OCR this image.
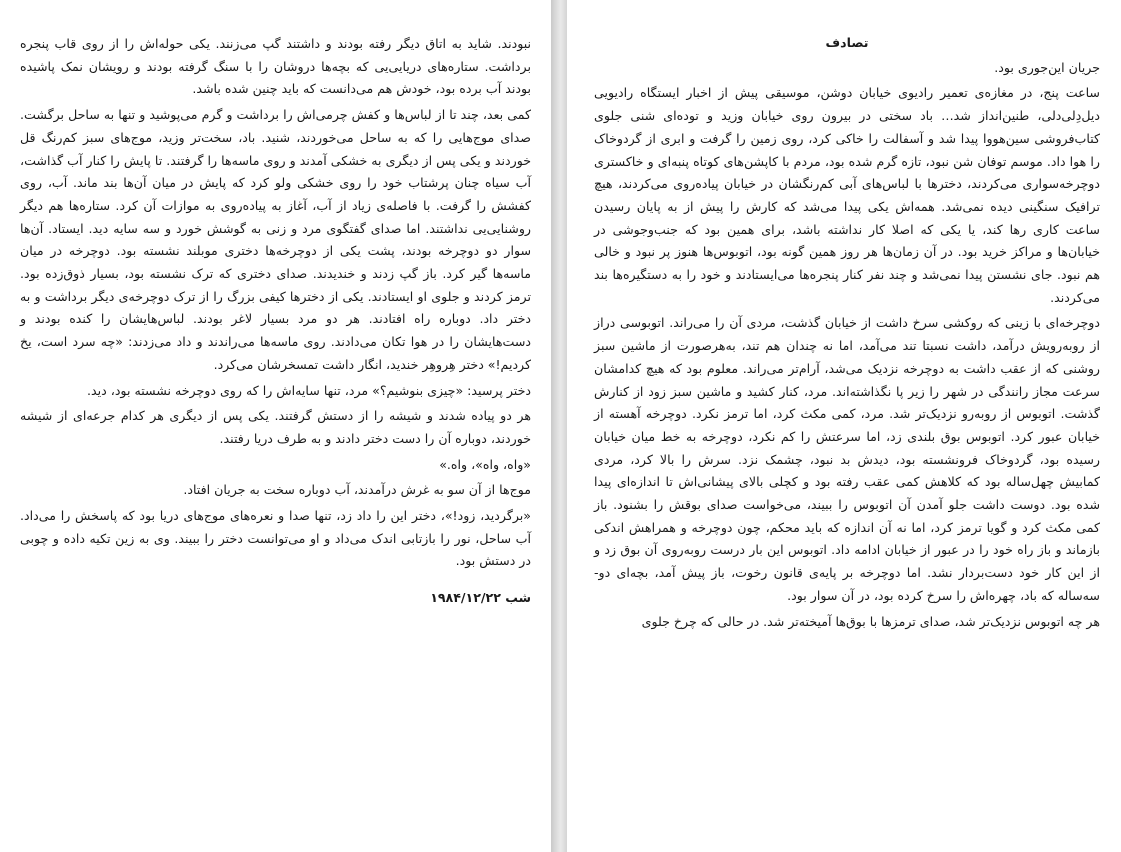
نبودند. شاید به اتاق دیگر رفته بودند و داشتند گپ می‌زنند. یکی حوله‌اش را از روی قاب پنجره برداشت. ستاره‌های دریایی‌یی که بچه‌ها دروشان را با سنگ گرفته بودند و رویشان نمک پاشیده بودند آب برده بود، خودش هم می‌دانست که باید چنین شده باشد.

کمی بعد، چند تا از لباس‌ها و کفش چرمی‌اش را برداشت و گرم می‌پوشید و تنها به ساحل برگشت. صدای موج‌هایی را که به ساحل می‌خوردند، شنید. باد، سخت‌تر وزید، موج‌های سبز کم‌رنگ قل خوردند و یکی پس از دیگری به خشکی آمدند و روی ماسه‌ها را گرفتند. تا پایش را کنار آب گذاشت، آب سیاه چنان پرشتاب خود را روی خشکی ولو کرد که پایش در میان آن‌ها بند ماند. آب، روی کفشش را گرفت. با فاصله‌ی زیاد از آب، آغاز به پیاده‌روی به موازات آن کرد. ستاره‌ها هم دیگر روشنایی‌یی نداشتند. اما صدای گفتگوی مرد و زنی به گوشش خورد و سه سایه دید. ایستاد. آن‌ها سوار دو دوچرخه بودند، پشت یکی از دوچرخه‌ها دختری موبلند نشسته بود. دوچرخه در میان ماسه‌ها گیر کرد. باز گپ زدند و خندیدند. صدای دختری که ترک نشسته بود، بسیار ذوق‌زده بود. ترمز کردند و جلوی او ایستادند. یکی از دخترها کیفی بزرگ را از ترک دوچرخه‌ی دیگر برداشت و به دختر داد. دوباره راه افتادند. هر دو مرد بسیار لاغر بودند. لباس‌هایشان را کنده بودند و دست‌هایشان را در هوا تکان می‌دادند. روی ماسه‌ها می‌راندند و داد می‌زدند: «چه سرد است، یخ کردیم!» دختر هِروهِر خندید، انگار داشت تمسخرشان می‌کرد.

دختر پرسید: «چیزی بنوشیم؟» مرد، تنها سایه‌اش را که روی دوچرخه نشسته بود، دید.

هر دو پیاده شدند و شیشه را از دستش گرفتند. یکی پس از دیگری هر کدام جرعه‌ای از شیشه خوردند، دوباره آن را دست دختر دادند و به طرف دریا رفتند.

«واه، واه»، واه.»

موج‌ها از آن سو به غرش درآمدند، آب دوباره سخت به جریان افتاد.

«برگردید، زود!»، دختر این را داد زد، تنها صدا و نعره‌های موج‌های دریا بود که پاسخش را می‌داد. آب ساحل، نور را بازتابی اندک می‌داد و او می‌توانست دختر را ببیند. وی به زین تکیه داده و چوبی در دستش بود.

شب ۱۹۸۴/۱۲/۲۲

تصادف

جریان این‌جوری بود.

ساعت پنج، در مغازه‌ی تعمیر رادیوی خیابان دوشن، موسیقی پیش از اخبار ایستگاه رادیویی دیل‌دِلی‌دلی، طنین‌انداز شد… باد سختی در بیرون روی خیابان وزید و توده‌ای شنی جلوی کتاب‌فروشی سین‌هووا پیدا شد و آسفالت را خاکی کرد، روی زمین را گرفت و ابری از گردوخاک را هوا داد. موسم توفان شن نبود، تازه گرم شده بود، مردم با کاپشن‌های کوتاه پنبه‌ای و خاکستری دوچرخه‌سواری می‌کردند، دخترها با لباس‌های آبی کم‌رنگشان در خیابان پیاده‌روی می‌کردند، هیچ ترافیک سنگینی دیده نمی‌شد. همه‌اش یکی پیدا می‌شد که کارش را پیش از به پایان رسیدن ساعت کاری رها کند، یا یکی که اصلا کار نداشته باشد، برای همین بود که جنب‌وجوشی در خیابان‌ها و مراکز خرید بود. در آن زمان‌ها هر روز همین گونه بود، اتوبوس‌ها هنوز پر نبود و خالی هم نبود. جای نشستن پیدا نمی‌شد و چند نفر کنار پنجره‌ها می‌ایستادند و خود را به دستگیره‌ها بند می‌کردند.

دوچرخه‌ای با زینی که روکشی سرخ داشت از خیابان گذشت، مردی آن را می‌راند. اتوبوسی دراز از روبه‌رویش درآمد، داشت نسبتا تند می‌آمد، اما نه چندان هم تند، به‌هرصورت از ماشین سبز روشنی که از عقب داشت به دوچرخه نزدیک می‌شد، آرام‌تر می‌راند. معلوم بود که هیچ کدامشان سرعت مجاز رانندگی در شهر را زیر پا نگذاشته‌اند. مرد، کنار کشید و ماشین سبز زود از کنارش گذشت. اتوبوس از روبه‌رو نزدیک‌تر شد. مرد، کمی مکث کرد، اما ترمز نکرد. دوچرخه آهسته از خیابان عبور کرد. اتوبوس بوق بلندی زد، اما سرعتش را کم نکرد، دوچرخه به خط میان خیابان رسیده بود، گردوخاک فرونشسته بود، دیدش بد نبود، چشمک نزد. سرش را بالا کرد، مردی کمابیش چهل‌ساله بود که کلاهش کمی عقب رفته بود و کچلی بالای پیشانی‌اش تا اندازه‌ای پیدا شده بود. دوست داشت جلو آمدن آن اتوبوس را ببیند، می‌خواست صدای بوقش را بشنود. باز کمی مکث کرد و گویا ترمز کرد، اما نه آن اندازه که باید محکم، چون دوچرخه و همراهش اندکی بازماند و باز راه خود را در عبور از خیابان ادامه داد. اتوبوس این بار درست روبه‌روی آن بوق زد و از این کار خود دست‌بردار نشد. اما دوچرخه بر پایه‌ی قانون رخوت، باز پیش آمد، بچه‌ای دو-سه‌ساله که باد، چهره‌اش را سرخ کرده بود، در آن سوار بود.

هر چه اتوبوس نزدیک‌تر شد، صدای ترمزها با بوق‌ها آمیخته‌تر شد. در حالی که چرخ جلوی
